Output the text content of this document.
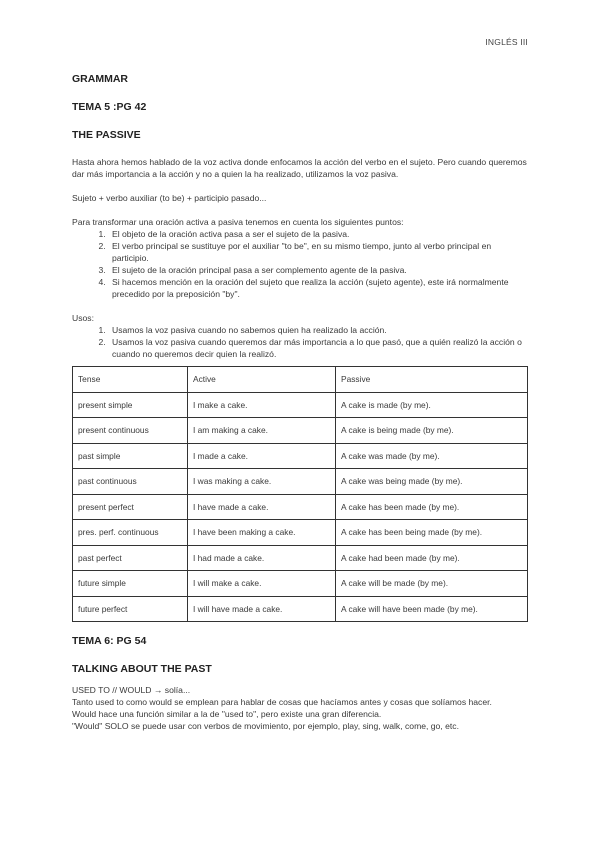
INGLÉS III

GRAMMAR

TEMA 5 :PG 42

THE PASSIVE

Hasta ahora hemos hablado de la voz activa donde enfocamos la acción del verbo en el sujeto. Pero cuando queremos dar más importancia a la acción y no a quien la ha realizado, utilizamos la voz pasiva.

Sujeto + verbo auxiliar (to be) + participio pasado...

Para transformar una oración activa a pasiva tenemos en cuenta los siguientes puntos:

1. El objeto de la oración activa pasa a ser el sujeto de la pasiva.
2. El verbo principal se sustituye por el auxiliar "to be", en su mismo tiempo, junto al verbo principal en participio.
3. El sujeto de la oración principal pasa a ser complemento agente de la pasiva.
4. Si hacemos mención en la oración del sujeto que realiza la acción (sujeto agente), este irá normalmente precedido por la preposición "by".

Usos:

1. Usamos la voz pasiva cuando no sabemos quien ha realizado la acción.
2. Usamos la voz pasiva cuando queremos dar más importancia a lo que pasó, que a quién realizó la acción o cuando no queremos decir quien la realizó.
Tense	Active	Passive
present simple	I make a cake.	A cake is made (by me).
present continuous	I am making a cake.	A cake is being made (by me).
past simple	I made a cake.	A cake was made (by me).
past continuous	I was making a cake.	A cake was being made (by me).
present perfect	I have made a cake.	A cake has been made (by me).
pres. perf. continuous	I have been making a cake.	A cake has been being made (by me).
past perfect	I had made a cake.	A cake had been made (by me).
future simple	I will make a cake.	A cake will be made (by me).
future perfect	I will have made a cake.	A cake will have been made (by me).

TEMA 6: PG 54

TALKING ABOUT THE PAST

USED TO // WOULD → solía...

Tanto used to como would se emplean para hablar de cosas que hacíamos antes y cosas que solíamos hacer.

Would hace una función similar a la de "used to", pero existe una gran diferencia.

"Would" SOLO se puede usar con verbos de movimiento, por ejemplo, play, sing, walk, come, go, etc.
